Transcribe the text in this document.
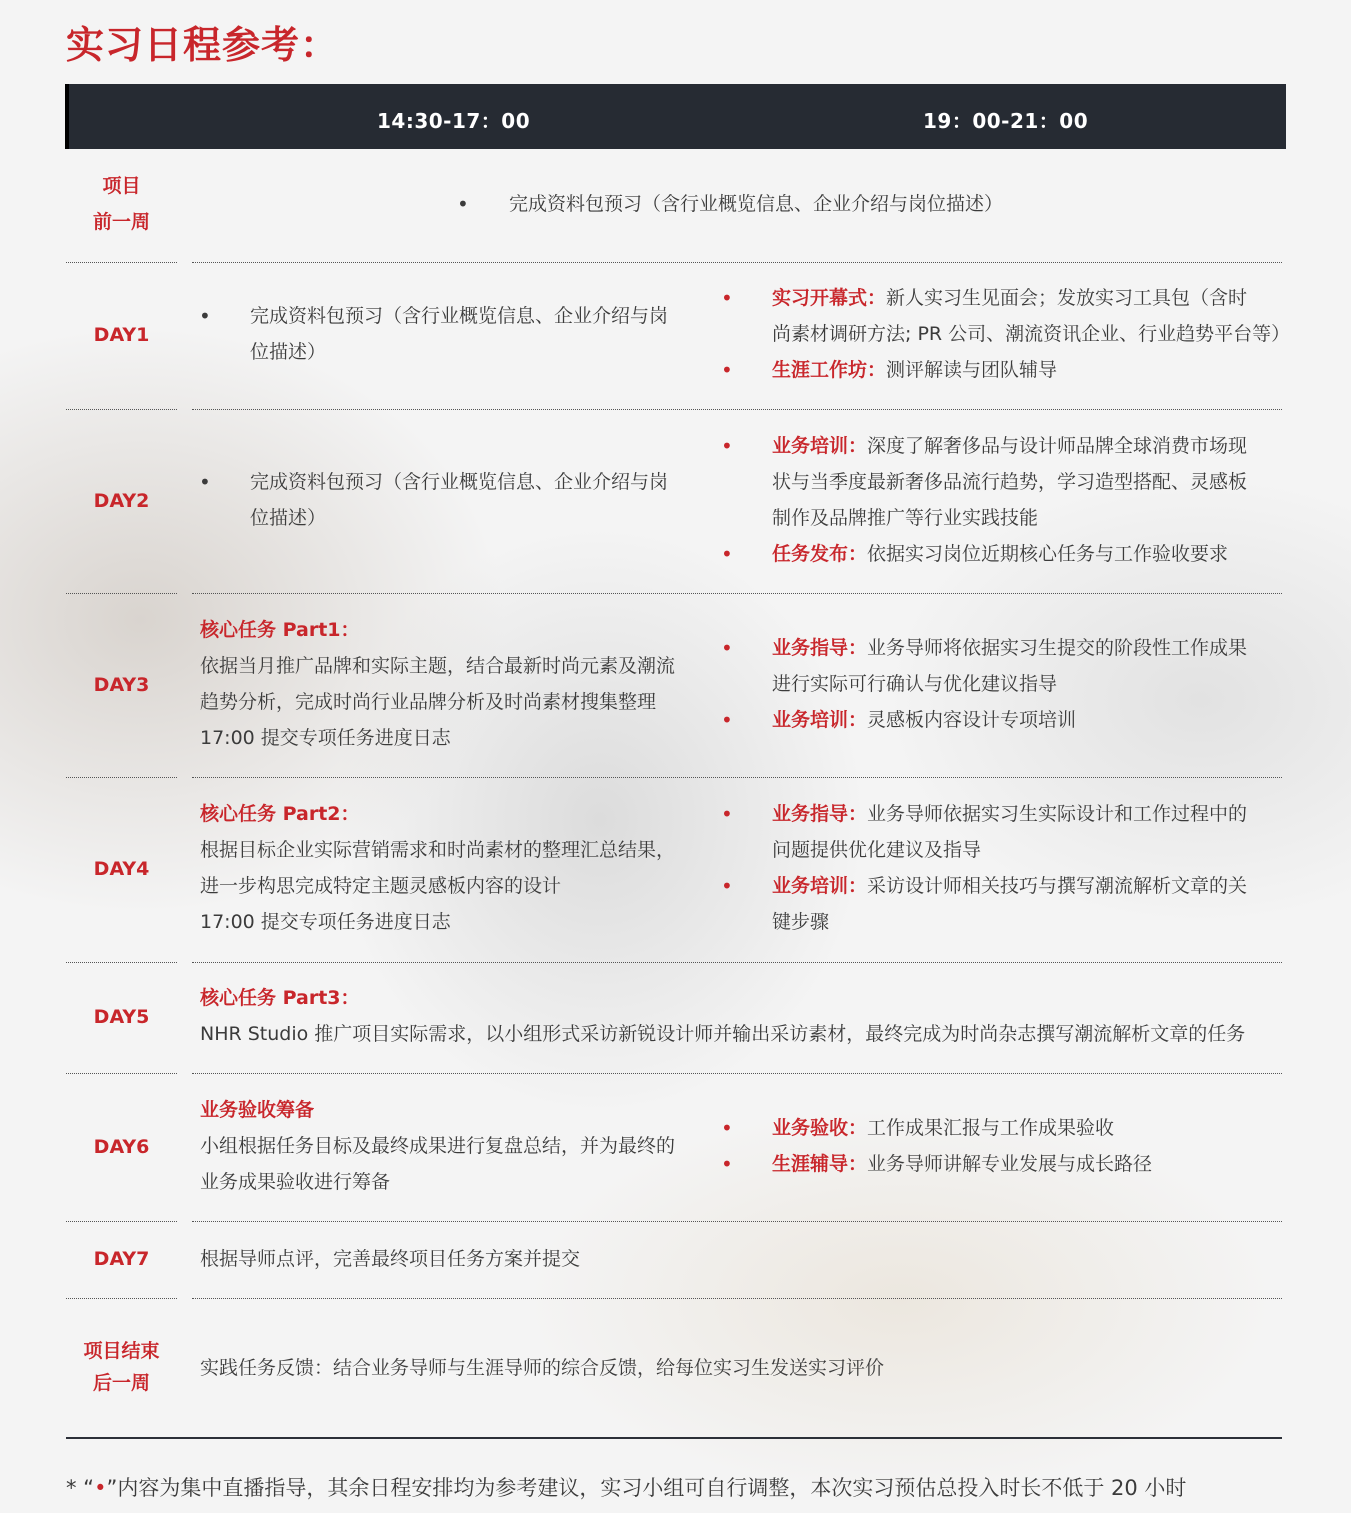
实习日程参考：
14:30-17：00	19：00-21：00
项目
前一周
• 完成资料包预习（含行业概览信息、企业介绍与岗位描述）
DAY1
• 完成资料包预习（含行业概览信息、企业介绍与岗
位描述）
• 实习开幕式：新人实习生见面会；发放实习工具包（含时
尚素材调研方法; PR 公司、潮流资讯企业、行业趋势平台等）
• 生涯工作坊：测评解读与团队辅导
DAY2
• 完成资料包预习（含行业概览信息、企业介绍与岗
位描述）
• 业务培训：深度了解奢侈品与设计师品牌全球消费市场现
状与当季度最新奢侈品流行趋势，学习造型搭配、灵感板
制作及品牌推广等行业实践技能
• 任务发布：依据实习岗位近期核心任务与工作验收要求
DAY3
核心任务 Part1：
依据当月推广品牌和实际主题，结合最新时尚元素及潮流
趋势分析，完成时尚行业品牌分析及时尚素材搜集整理
17:00 提交专项任务进度日志
• 业务指导：业务导师将依据实习生提交的阶段性工作成果
进行实际可行确认与优化建议指导
• 业务培训：灵感板内容设计专项培训
DAY4
核心任务 Part2：
根据目标企业实际营销需求和时尚素材的整理汇总结果，
进一步构思完成特定主题灵感板内容的设计
17:00 提交专项任务进度日志
• 业务指导：业务导师依据实习生实际设计和工作过程中的
问题提供优化建议及指导
• 业务培训：采访设计师相关技巧与撰写潮流解析文章的关
键步骤
DAY5
核心任务 Part3：
NHR Studio 推广项目实际需求，以小组形式采访新锐设计师并输出采访素材，最终完成为时尚杂志撰写潮流解析文章的任务
DAY6
业务验收筹备
小组根据任务目标及最终成果进行复盘总结，并为最终的
业务成果验收进行筹备
• 业务验收：工作成果汇报与工作成果验收
• 生涯辅导：业务导师讲解专业发展与成长路径
DAY7	根据导师点评，完善最终项目任务方案并提交
项目结束
后一周
实践任务反馈：结合业务导师与生涯导师的综合反馈，给每位实习生发送实习评价
* “•”内容为集中直播指导，其余日程安排均为参考建议，实习小组可自行调整，本次实习预估总投入时长不低于 20 小时
